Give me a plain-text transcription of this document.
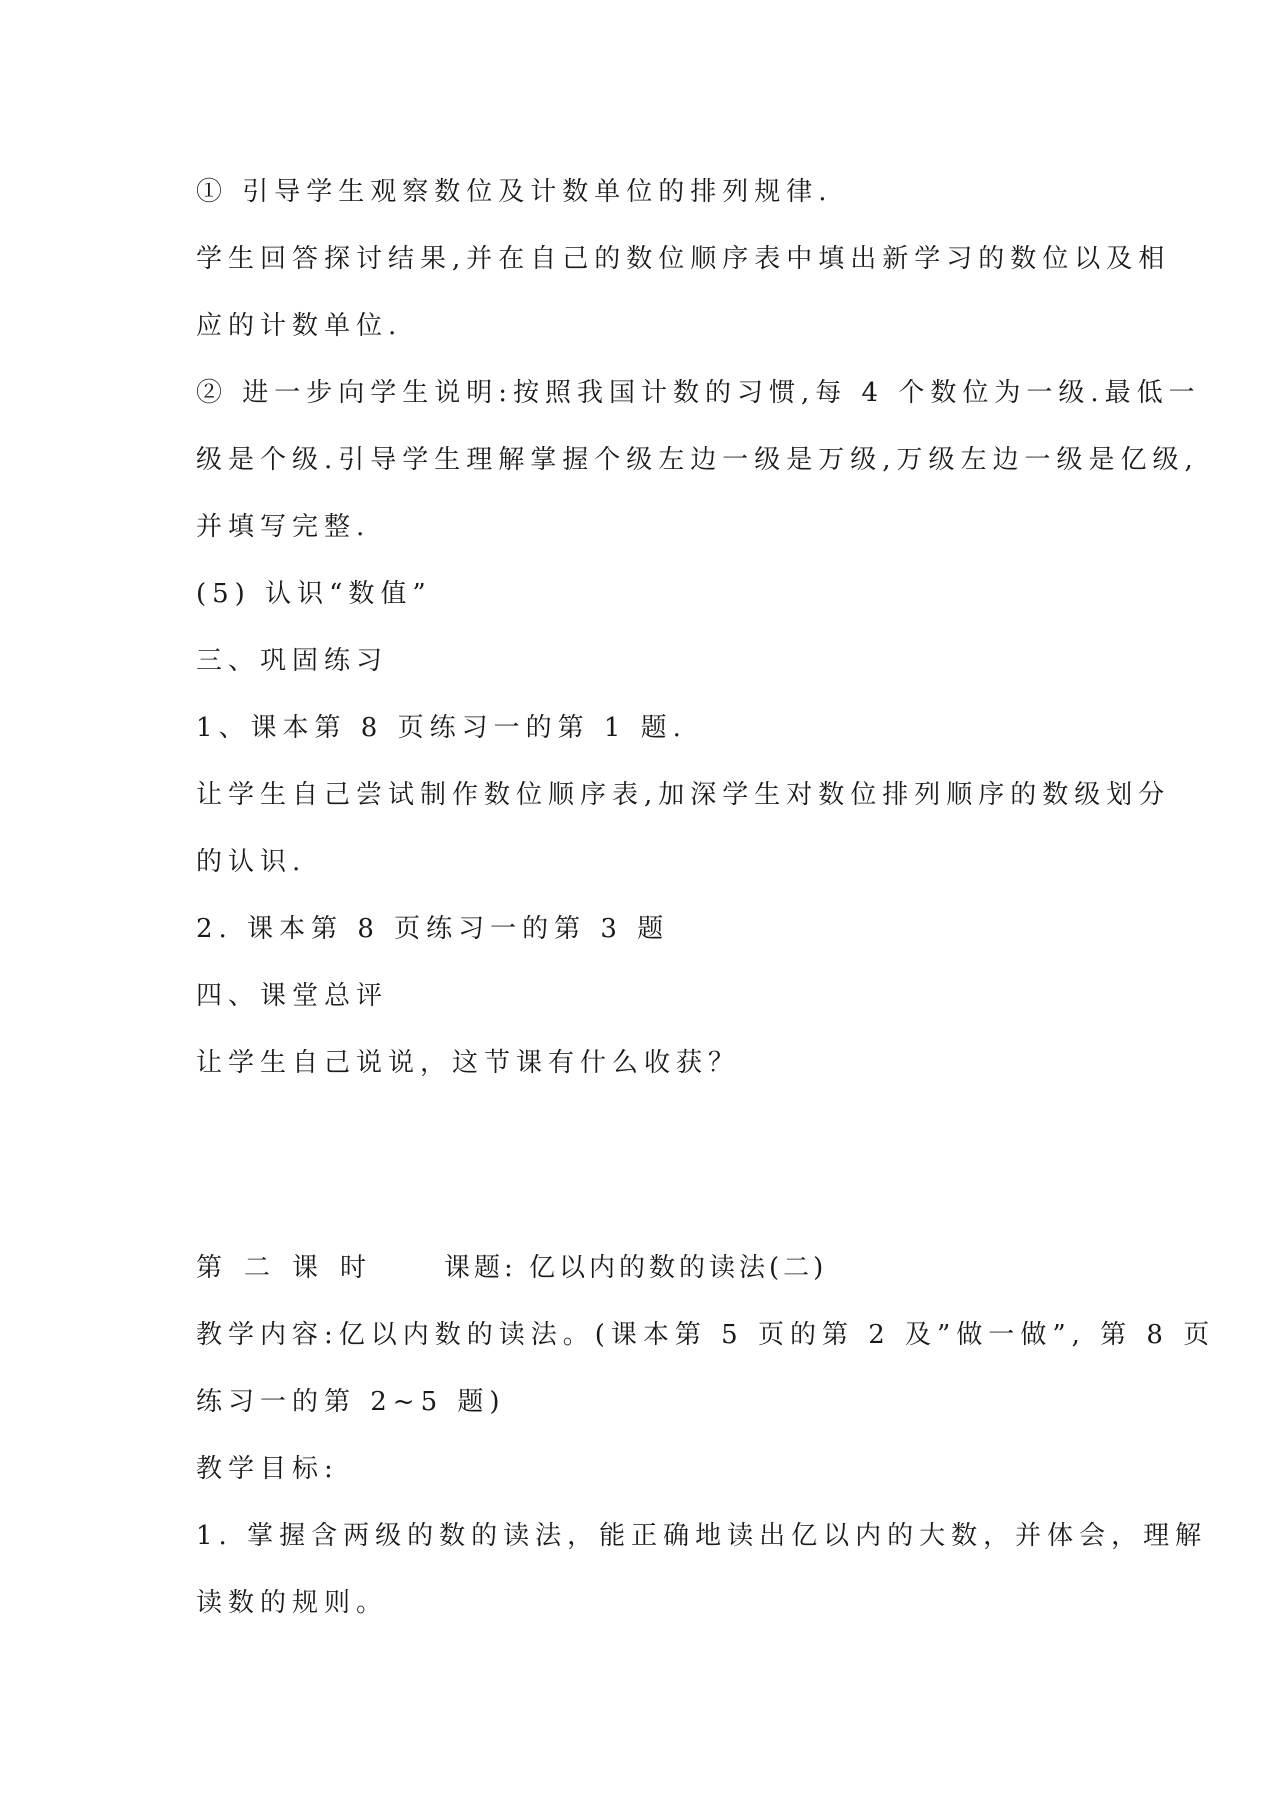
① 引导学生观察数位及计数单位的排列规律.
学生回答探讨结果,并在自己的数位顺序表中填出新学习的数位以及相
应的计数单位.
② 进一步向学生说明:按照我国计数的习惯,每 4 个数位为一级.最低一
级是个级.引导学生理解掌握个级左边一级是万级,万级左边一级是亿级,
并填写完整.
(5) 认识“数值”
三、巩固练习
1、课本第 8 页练习一的第 1 题.
让学生自己尝试制作数位顺序表,加深学生对数位排列顺序的数级划分
的认识.
2. 课本第 8 页练习一的第 3 题
四、课堂总评
让学生自己说说，这节课有什么收获？
第二课时 课题: 亿以内的数的读法(二)
教学内容:亿以内数的读法。(课本第 5 页的第 2 及”做一做”, 第 8 页
练习一的第 2~5 题)
教学目标:
1. 掌握含两级的数的读法，能正确地读出亿以内的大数，并体会，理解
读数的规则。
